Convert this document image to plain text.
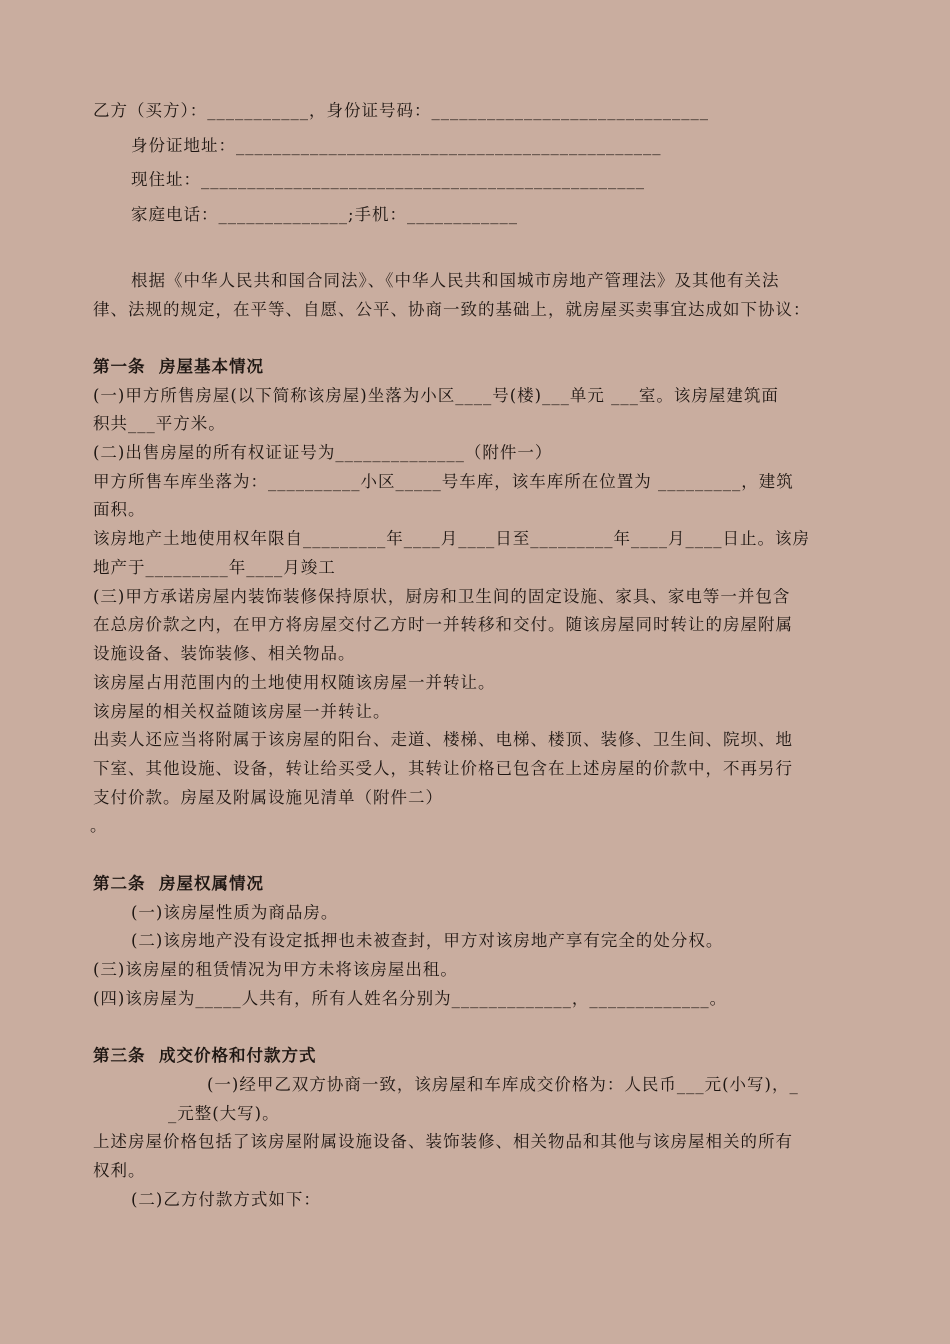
乙方（买方）：___________，身份证号码：______________________________
身份证地址：______________________________________________
现住址：________________________________________________
家庭电话：______________;手机：____________
根据《中华人民共和国合同法》、《中华人民共和国城市房地产管理法》及其他有关法
律、法规的规定，在平等、自愿、公平、协商一致的基础上，就房屋买卖事宜达成如下协议：
第一条  房屋基本情况
(一)甲方所售房屋(以下简称该房屋)坐落为小区____号(楼)___单元 ___室。该房屋建筑面
积共___平方米。
(二)出售房屋的所有权证证号为______________（附件一）
甲方所售车库坐落为：__________小区_____号车库，该车库所在位置为 _________，建筑
面积。
该房地产土地使用权年限自_________年____月____日至_________年____月____日止。该房
地产于_________年____月竣工
(三)甲方承诺房屋内装饰装修保持原状，厨房和卫生间的固定设施、家具、家电等一并包含
在总房价款之内，在甲方将房屋交付乙方时一并转移和交付。随该房屋同时转让的房屋附属
设施设备、装饰装修、相关物品。
该房屋占用范围内的土地使用权随该房屋一并转让。
该房屋的相关权益随该房屋一并转让。
出卖人还应当将附属于该房屋的阳台、走道、楼梯、电梯、楼顶、装修、卫生间、院坝、地
下室、其他设施、设备，转让给买受人，其转让价格已包含在上述房屋的价款中，不再另行
支付价款。房屋及附属设施见清单（附件二）
。
第二条  房屋权属情况
(一)该房屋性质为商品房。
(二)该房地产没有设定抵押也未被查封，甲方对该房地产享有完全的处分权。
(三)该房屋的租赁情况为甲方未将该房屋出租。
(四)该房屋为_____人共有，所有人姓名分别为_____________，_____________。
第三条  成交价格和付款方式
(一)经甲乙双方协商一致，该房屋和车库成交价格为：人民币___元(小写)，_
_元整(大写)。
上述房屋价格包括了该房屋附属设施设备、装饰装修、相关物品和其他与该房屋相关的所有
权利。
(二)乙方付款方式如下：
